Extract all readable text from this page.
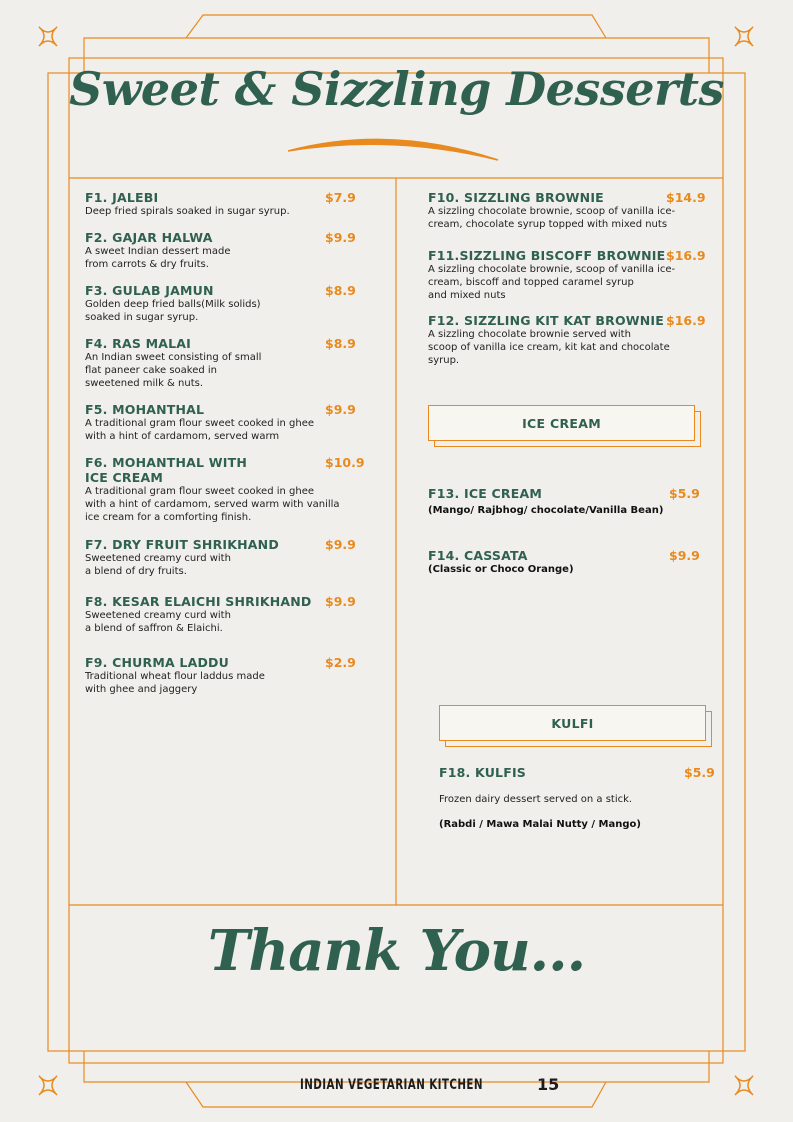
Sweet & Sizzling Desserts
F1. JALEBI	$7.9
Deep fried spirals soaked in sugar syrup.
F2. GAJAR HALWA	$9.9
A sweet Indian dessert made
from carrots & dry fruits.
F3. GULAB JAMUN	$8.9
Golden deep fried balls(Milk solids)
soaked in sugar syrup.
F4. RAS MALAI	$8.9
An Indian sweet consisting of small
flat paneer cake soaked in
sweetened milk & nuts.
F5. MOHANTHAL	$9.9
A traditional gram flour sweet cooked in ghee
with a hint of cardamom, served warm
F6. MOHANTHAL WITH
ICE CREAM
$10.9
A traditional gram flour sweet cooked in ghee
with a hint of cardamom, served warm with vanilla
ice cream for a comforting finish.
F7. DRY FRUIT SHRIKHAND	$9.9
Sweetened creamy curd with
a blend of dry fruits.
F8. KESAR ELAICHI SHRIKHAND	$9.9
Sweetened creamy curd with
a blend of saffron & Elaichi.
F9. CHURMA LADDU	$2.9
Traditional wheat flour laddus made
with ghee and jaggery
F10. SIZZLING BROWNIE	$14.9
A sizzling chocolate brownie, scoop of vanilla ice-
cream, chocolate syrup topped with mixed nuts
F11.SIZZLING BISCOFF BROWNIE $16.9
A sizzling chocolate brownie, scoop of vanilla ice-
cream, biscoff and topped caramel syrup
and mixed nuts
F12. SIZZLING KIT KAT BROWNIE $16.9
A sizzling chocolate brownie served with
scoop of vanilla ice cream, kit kat and chocolate
syrup.
ICE CREAM
F13. ICE CREAM	$5.9
(Mango/ Rajbhog/ chocolate/Vanilla Bean)
F14. CASSATA	$9.9
(Classic or Choco Orange)
KULFI
F18. KULFIS	$5.9
Frozen dairy dessert served on a stick.
(Rabdi / Mawa Malai Nutty / Mango)
Thank You...
INDIAN VEGETARIAN KITCHEN	15
